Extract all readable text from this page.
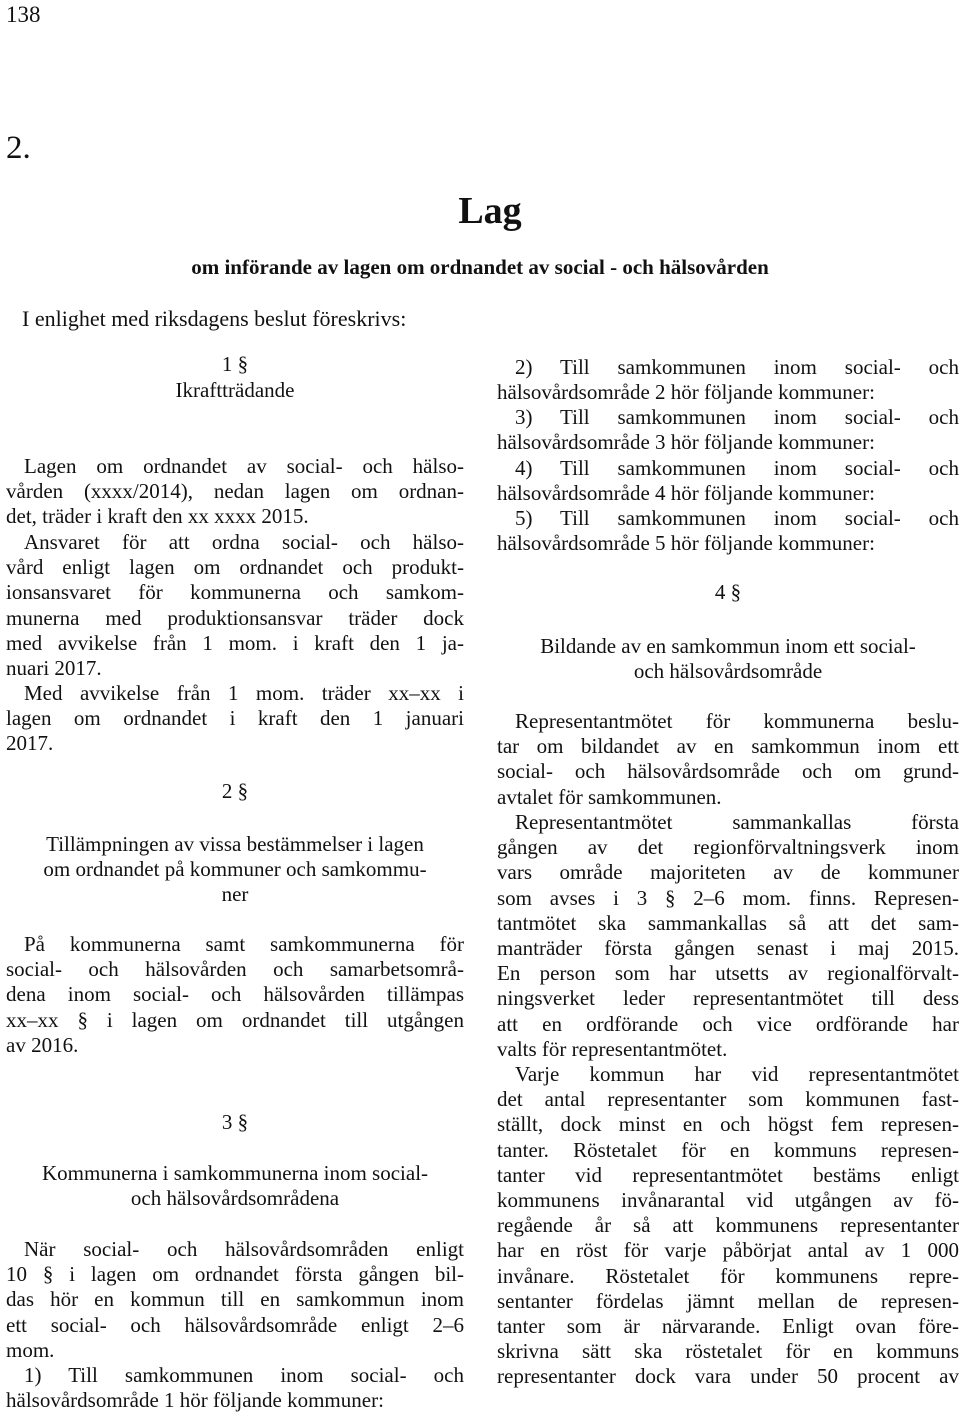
138
2.
Lag
om införande av lagen om ordnandet av social - och hälsovården
I enlighet med riksdagens beslut föreskrivs:
1 §
Ikraftträdande
Lagen om ordnandet av social- och hälso-
vården (xxxx/2014), nedan lagen om ordnan-
det, träder i kraft den xx xxxx 2015.
Ansvaret för att ordna social- och hälso-
vård enligt lagen om ordnandet och produkt-
ionsansvaret för kommunerna och samkom-
munerna med produktionsansvar träder dock
med avvikelse från 1 mom. i kraft den 1 ja-
nuari 2017.
Med avvikelse från 1 mom. träder xx–xx i
lagen om ordnandet i kraft den 1 januari
2017.
2 §
Tillämpningen av vissa bestämmelser i lagen
om ordnandet på kommuner och samkommu-
ner
På kommunerna samt samkommunerna för
social- och hälsovården och samarbetsområ-
dena inom social- och hälsovården tillämpas
xx–xx § i lagen om ordnandet till utgången
av 2016.
3 §
Kommunerna i samkommunerna inom social-
och hälsovårdsområdena
När social- och hälsovårdsområden enligt
10 § i lagen om ordnandet första gången bil-
das hör en kommun till en samkommun inom
ett social- och hälsovårdsområde enligt 2–6
mom.
1) Till samkommunen inom social- och
hälsovårdsområde 1 hör följande kommuner:
2) Till samkommunen inom social- och
hälsovårdsområde 2 hör följande kommuner:
3) Till samkommunen inom social- och
hälsovårdsområde 3 hör följande kommuner:
4) Till samkommunen inom social- och
hälsovårdsområde 4 hör följande kommuner:
5) Till samkommunen inom social- och
hälsovårdsområde 5 hör följande kommuner:
4 §
Bildande av en samkommun inom ett social-
och hälsovårdsområde
Representantmötet för kommunerna beslu-
tar om bildandet av en samkommun inom ett
social- och hälsovårdsområde och om grund-
avtalet för samkommunen.
Representantmötet sammankallas första
gången av det regionförvaltningsverk inom
vars område majoriteten av de kommuner
som avses i 3 § 2–6 mom. finns. Represen-
tantmötet ska sammankallas så att det sam-
manträder första gången senast i maj 2015.
En person som har utsetts av regionalförvalt-
ningsverket leder representantmötet till dess
att en ordförande och vice ordförande har
valts för representantmötet.
Varje kommun har vid representantmötet
det antal representanter som kommunen fast-
ställt, dock minst en och högst fem represen-
tanter. Röstetalet för en kommuns represen-
tanter vid representantmötet bestäms enligt
kommunens invånarantal vid utgången av fö-
regående år så att kommunens representanter
har en röst för varje påbörjat antal av 1 000
invånare. Röstetalet för kommunens repre-
sentanter fördelas jämnt mellan de represen-
tanter som är närvarande. Enligt ovan före-
skrivna sätt ska röstetalet för en kommuns
representanter dock vara under 50 procent av
